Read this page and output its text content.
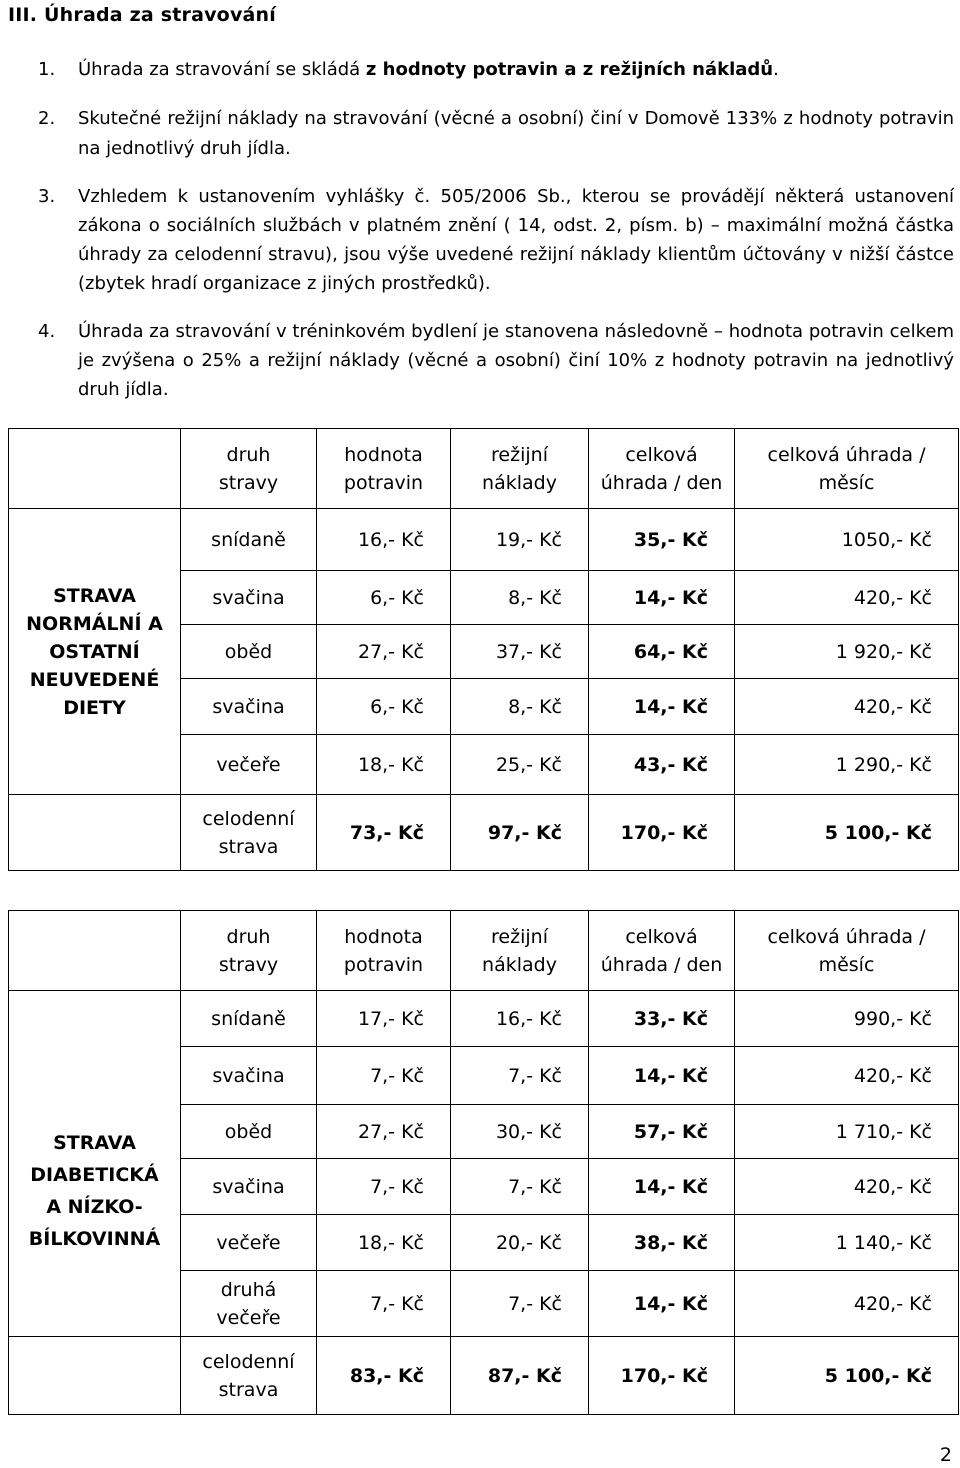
III. Úhrada za stravování
1. Úhrada za stravování se skládá z hodnoty potravin a z režijních nákladů.
2. Skutečné režijní náklady na stravování (věcné a osobní) činí v Domově 133% z hodnoty potravin na jednotlivý druh jídla.
3. Vzhledem k ustanovením vyhlášky č. 505/2006 Sb., kterou se provádějí některá ustanovení zákona o sociálních službách v platném znění ( 14, odst. 2, písm. b) – maximální možná částka úhrady za celodenní stravu), jsou výše uvedené režijní náklady klientům účtovány v nižší částce (zbytek hradí organizace z jiných prostředků).
4. Úhrada za stravování v tréninkovém bydlení je stanovena následovně – hodnota potravin celkem je zvýšena o 25% a režijní náklady (věcné a osobní) činí 10% z hodnoty potravin na jednotlivý druh jídla.
	druh stravy	hodnota potravin	režijní náklady	celková úhrada / den	celková úhrada / měsíc
STRAVA NORMÁLNÍ A OSTATNÍ NEUVEDENÉ DIETY	snídaně	16,- Kč	19,- Kč	35,- Kč	1050,- Kč
	svačina	6,- Kč	8,- Kč	14,- Kč	420,- Kč
	oběd	27,- Kč	37,- Kč	64,- Kč	1 920,- Kč
	svačina	6,- Kč	8,- Kč	14,- Kč	420,- Kč
	večeře	18,- Kč	25,- Kč	43,- Kč	1 290,- Kč
	celodenní strava	73,- Kč	97,- Kč	170,- Kč	5 100,- Kč
	druh stravy	hodnota potravin	režijní náklady	celková úhrada / den	celková úhrada / měsíc
	snídaně	17,- Kč	16,- Kč	33,- Kč	990,- Kč
STRAVA DIABETICKÁ A NÍZKO-BÍLKOVINNÁ	svačina	7,- Kč	7,- Kč	14,- Kč	420,- Kč
	oběd	27,- Kč	30,- Kč	57,- Kč	1 710,- Kč
	svačina	7,- Kč	7,- Kč	14,- Kč	420,- Kč
	večeře	18,- Kč	20,- Kč	38,- Kč	1 140,- Kč
	druhá večeře	7,- Kč	7,- Kč	14,- Kč	420,- Kč
	celodenní strava	83,- Kč	87,- Kč	170,- Kč	5 100,- Kč
2
